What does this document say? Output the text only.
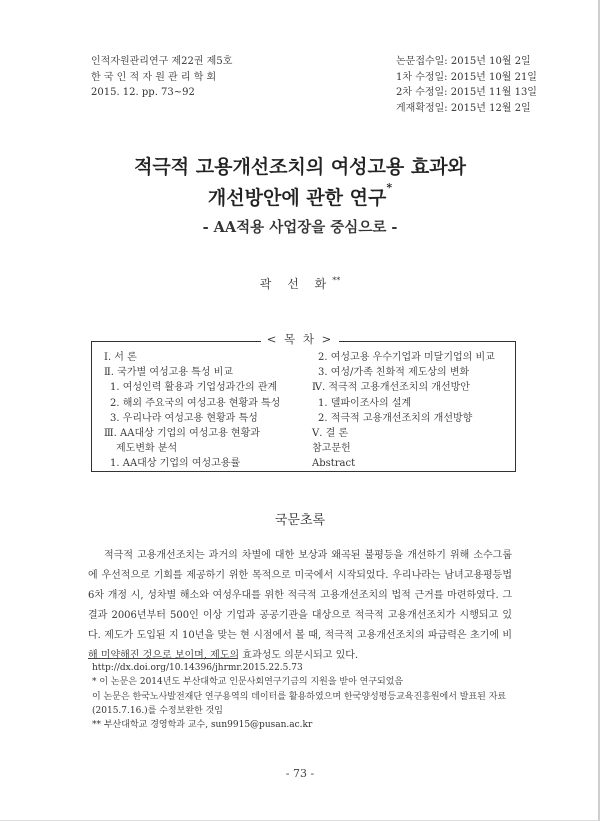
인적자원관리연구 제22권 제5호
한 국 인 적 자 원 관 리 학 회
2015. 12. pp. 73~92
논문접수일: 2015년 10월 2일
1차 수정일: 2015년 10월 21일
2차 수정일: 2015년 11월 13일
게재확정일: 2015년 12월 2일
적극적 고용개선조치의 여성고용 효과와
개선방안에 관한 연구*
- AA적용 사업장을 중심으로 -
곽 선 화**
< 목 차 >
Ⅰ. 서 론
Ⅱ. 국가별 여성고용 특성 비교
1. 여성인력 활용과 기업성과간의 관계
2. 해외 주요국의 여성고용 현황과 특성
3. 우리나라 여성고용 현황과 특성
Ⅲ. AA대상 기업의 여성고용 현황과
제도변화 분석
1. AA대상 기업의 여성고용률
2. 여성고용 우수기업과 미달기업의 비교
3. 여성/가족 친화적 제도상의 변화
Ⅳ. 적극적 고용개선조치의 개선방안
1. 델파이조사의 설계
2. 적극적 고용개선조치의 개선방향
Ⅴ. 결 론
참고문헌
Abstract
국문초록
적극적 고용개선조치는 과거의 차별에 대한 보상과 왜곡된 불평등을 개선하기 위해 소수그룹에 우선적으로 기회를 제공하기 위한 목적으로 미국에서 시작되었다. 우리나라는 남녀고용평등법 6차 개정 시, 성차별 해소와 여성우대를 위한 적극적 고용개선조치의 법적 근거를 마련하였다. 그 결과 2006년부터 500인 이상 기업과 공공기관을 대상으로 적극적 고용개선조치가 시행되고 있다. 제도가 도입된 지 10년을 맞는 현 시점에서 볼 때, 적극적 고용개선조치의 파급력은 초기에 비해 미약해진 것으로 보이며, 제도의 효과성도 의문시되고 있다.
http://dx.doi.org/10.14396/jhrmr.2015.22.5.73
* 이 논문은 2014년도 부산대학교 인문사회연구기금의 지원을 받아 연구되었음
이 논문은 한국노사발전재단 연구용역의 데이터를 활용하였으며 한국양성평등교육진흥원에서 발표된 자료
(2015.7.16.)를 수정보완한 것임
** 부산대학교 경영학과 교수, sun9915@pusan.ac.kr
- 73 -
